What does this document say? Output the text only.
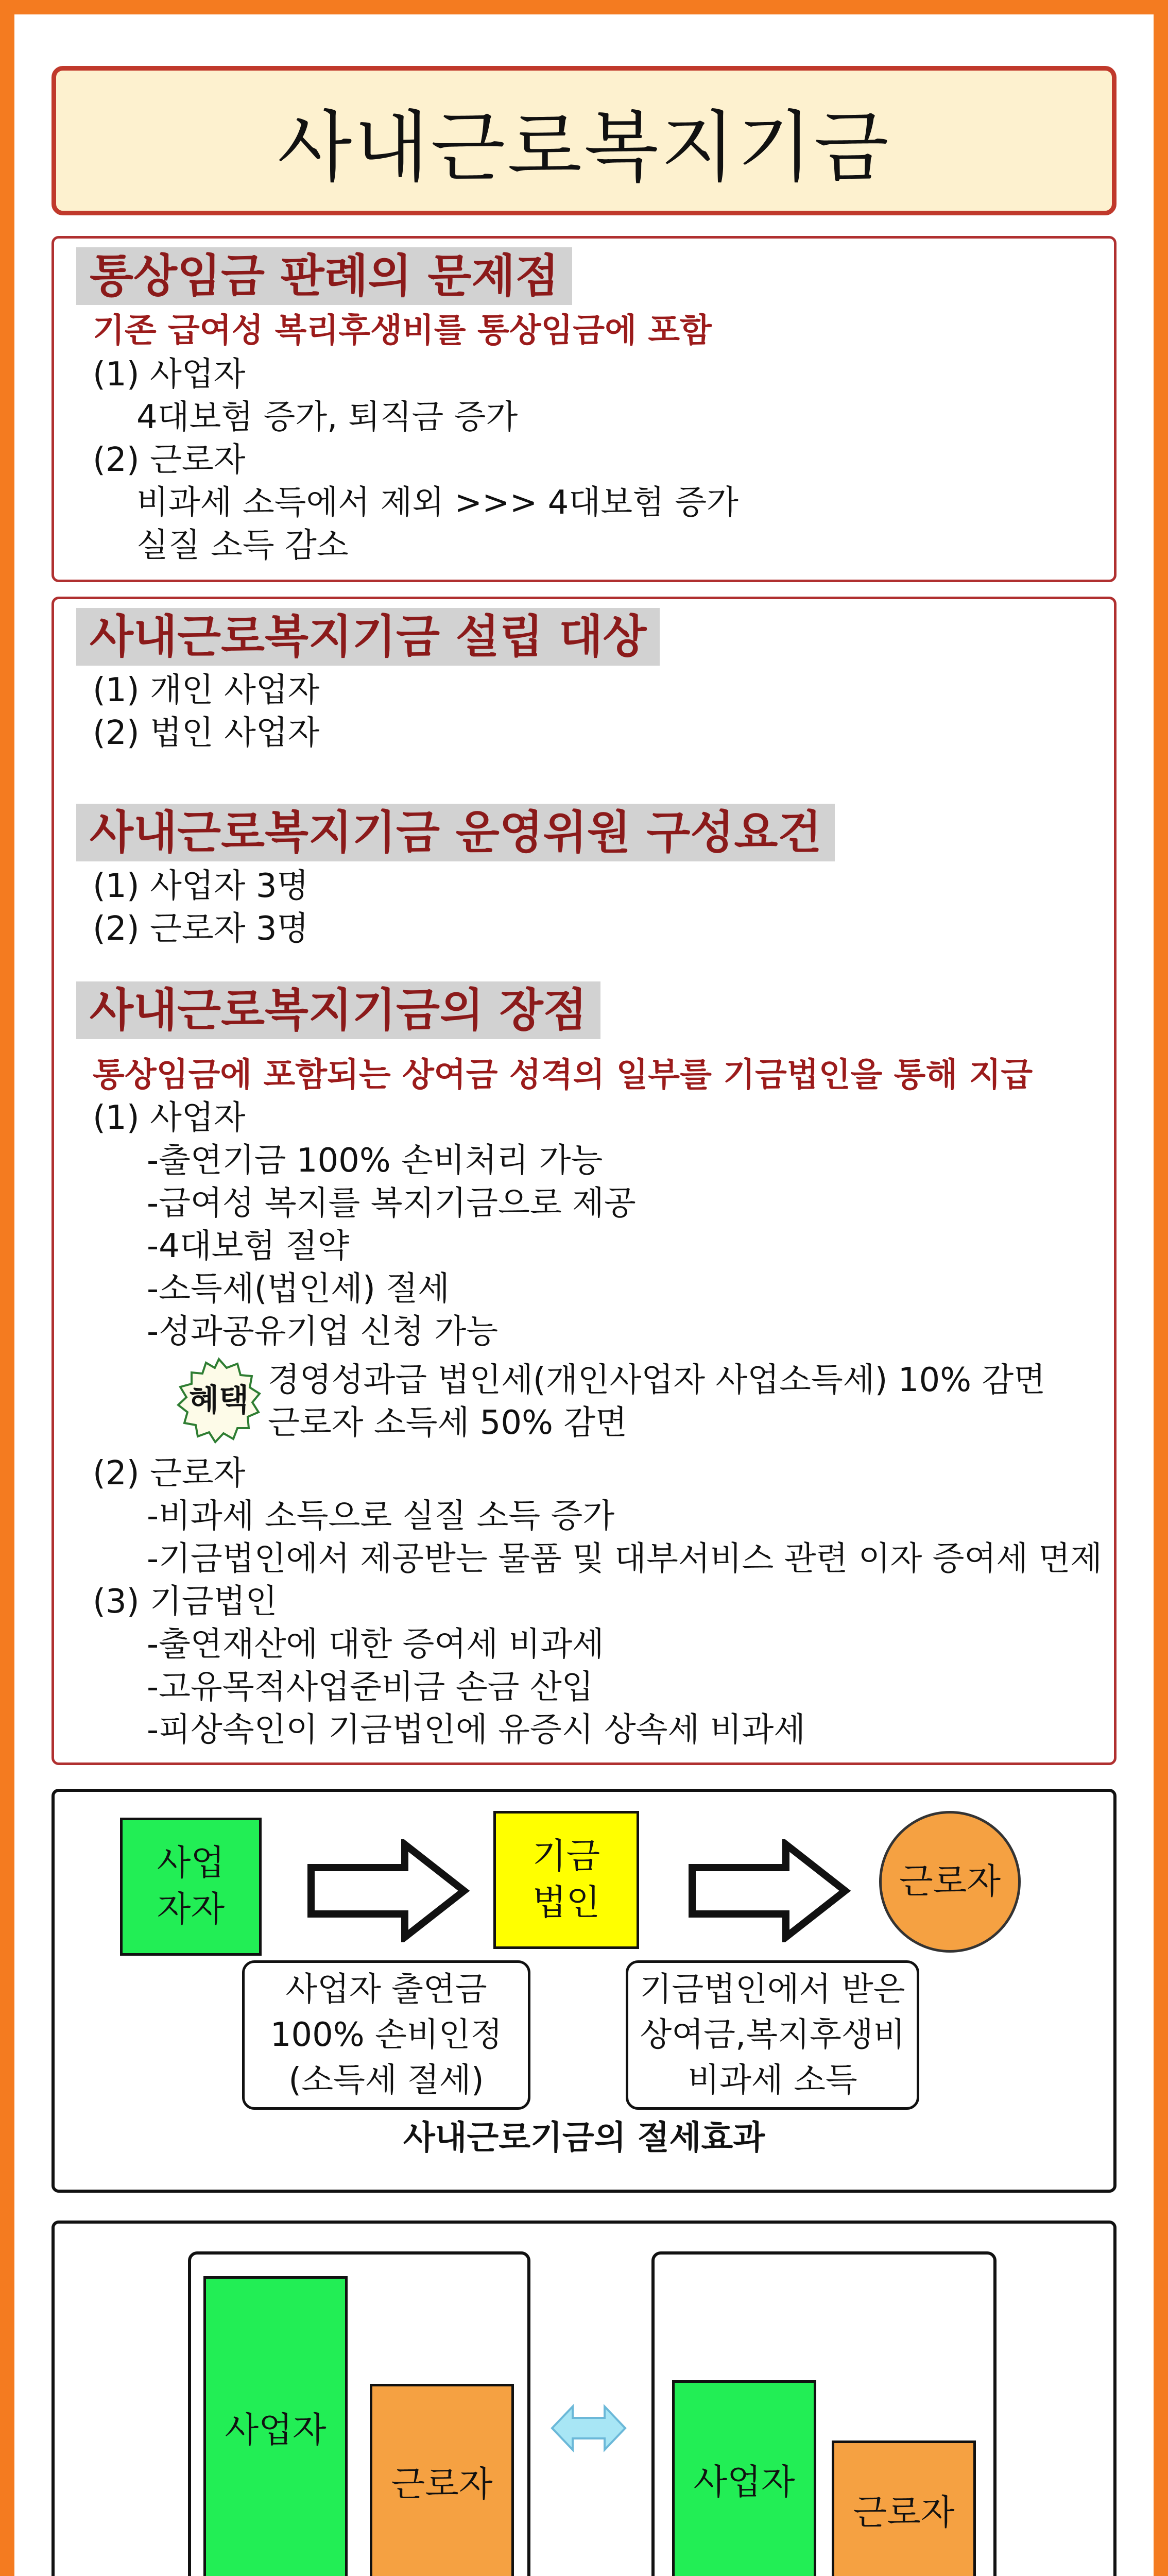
사내근로복지기금
통상임금 판례의 문제점
기존 급여성 복리후생비를 통상임금에 포함
(1) 사업자
4대보험 증가, 퇴직금 증가
(2) 근로자
비과세 소득에서 제외 >>> 4대보험 증가
실질 소득 감소
사내근로복지기금 설립 대상
(1) 개인 사업자
(2) 법인 사업자
사내근로복지기금 운영위원 구성요건
(1) 사업자 3명
(2) 근로자 3명
사내근로복지기금의 장점
통상임금에 포함되는 상여금 성격의 일부를 기금법인을 통해 지급
(1) 사업자
-출연기금 100% 손비처리 가능
-급여성 복지를 복지기금으로 제공
-4대보험 절약
-소득세(법인세) 절세
-성과공유기업 신청 가능
혜택
경영성과급 법인세(개인사업자 사업소득세) 10% 감면
근로자 소득세 50% 감면
(2) 근로자
-비과세 소득으로 실질 소득 증가
-기금법인에서 제공받는 물품 및 대부서비스 관련 이자 증여세 면제
(3) 기금법인
-출연재산에 대한 증여세 비과세
-고유목적사업준비금 손금 산입
-피상속인이 기금법인에 유증시 상속세 비과세
사업
자자
기금
법인
근로자
사업자 출연금
100% 손비인정
(소득세 절세)
기금법인에서 받은
상여금,복지후생비
비과세 소득
사내근로기금의 절세효과
사업자
근로자	사업자
근로자
